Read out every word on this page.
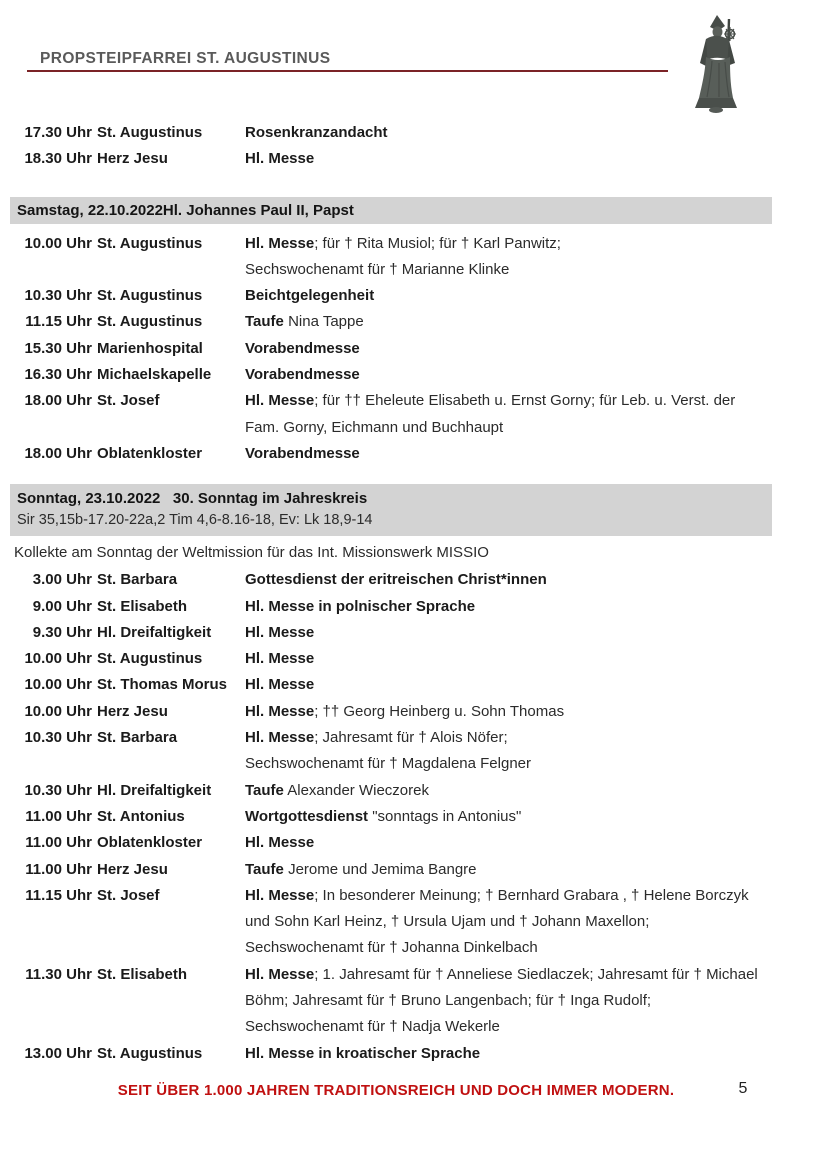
PROPSTEIPFARREI ST. AUGUSTINUS
17.30 Uhr St. Augustinus	Rosenkranzandacht
18.30 Uhr Herz Jesu	Hl. Messe
Samstag, 22.10.2022Hl. Johannes Paul II, Papst
10.00 Uhr St. Augustinus	Hl. Messe; für † Rita Musiol; für † Karl Panwitz;
Sechswochenamt für † Marianne Klinke
10.30 Uhr St. Augustinus	Beichtgelegenheit
11.15 Uhr St. Augustinus	Taufe Nina Tappe
15.30 Uhr Marienhospital	Vorabendmesse
16.30 Uhr Michaelskapelle	Vorabendmesse
18.00 Uhr St. Josef	Hl. Messe; für †† Eheleute Elisabeth u. Ernst Gorny; für Leb. u. Verst. der
Fam. Gorny, Eichmann und Buchhaupt
18.00 Uhr Oblatenkloster	Vorabendmesse
Sonntag, 23.10.2022   30. Sonntag im Jahreskreis
Sir 35,15b-17.20-22a,2 Tim 4,6-8.16-18, Ev: Lk 18,9-14
Kollekte am Sonntag der Weltmission für das Int. Missionswerk MISSIO
3.00 Uhr St. Barbara	Gottesdienst der eritreischen Christ*innen
9.00 Uhr St. Elisabeth	Hl. Messe in polnischer Sprache
9.30 Uhr Hl. Dreifaltigkeit	Hl. Messe
10.00 Uhr St. Augustinus	Hl. Messe
10.00 Uhr St. Thomas Morus	Hl. Messe
10.00 Uhr Herz Jesu	Hl. Messe; †† Georg Heinberg u. Sohn Thomas
10.30 Uhr St. Barbara	Hl. Messe; Jahresamt für † Alois Nöfer;
Sechswochenamt für † Magdalena Felgner
10.30 Uhr Hl. Dreifaltigkeit	Taufe Alexander Wieczorek
11.00 Uhr St. Antonius	Wortgottesdienst "sonntags in Antonius"
11.00 Uhr Oblatenkloster	Hl. Messe
11.00 Uhr Herz Jesu	Taufe Jerome und Jemima Bangre
11.15 Uhr St. Josef	Hl. Messe; In besonderer Meinung; † Bernhard Grabara , † Helene Borczyk
und Sohn Karl Heinz, † Ursula Ujam und † Johann Maxellon;
Sechswochenamt für † Johanna Dinkelbach
11.30 Uhr St. Elisabeth	Hl. Messe; 1. Jahresamt für † Anneliese Siedlaczek; Jahresamt für † Michael
Böhm; Jahresamt für † Bruno Langenbach; für † Inga Rudolf;
Sechswochenamt für † Nadja Wekerle
13.00 Uhr St. Augustinus	Hl. Messe in kroatischer Sprache
SEIT ÜBER 1.000 JAHREN TRADITIONSREICH UND DOCH IMMER MODERN.	5
